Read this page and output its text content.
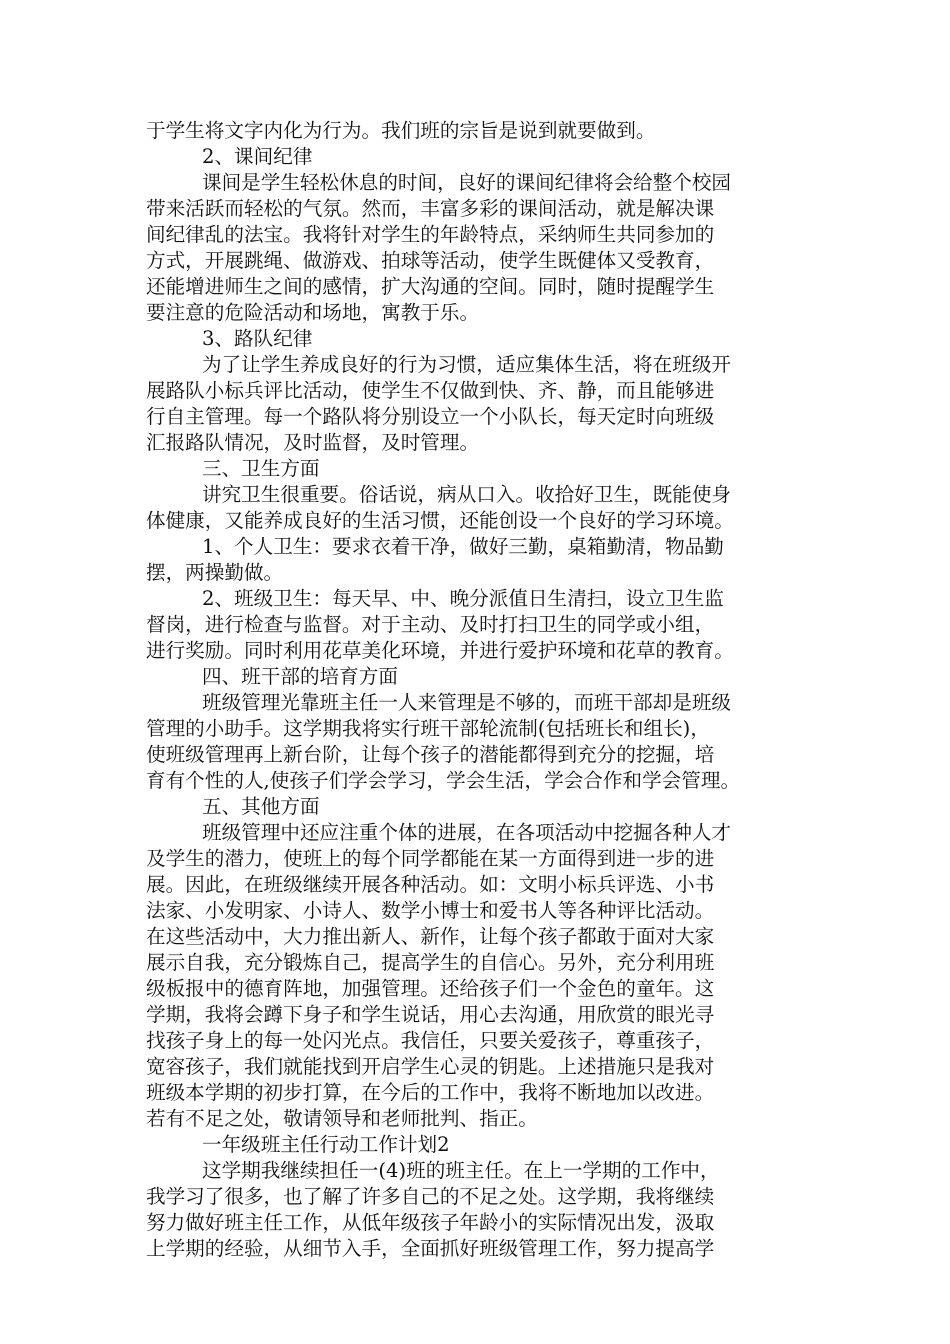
于学生将文字内化为行为。我们班的宗旨是说到就要做到。
2、课间纪律
课间是学生轻松休息的时间，良好的课间纪律将会给整个校园
带来活跃而轻松的气氛。然而，丰富多彩的课间活动，就是解决课
间纪律乱的法宝。我将针对学生的年龄特点，采纳师生共同参加的
方式，开展跳绳、做游戏、拍球等活动，使学生既健体又受教育，
还能增进师生之间的感情，扩大沟通的空间。同时，随时提醒学生
要注意的危险活动和场地，寓教于乐。
3、路队纪律
为了让学生养成良好的行为习惯，适应集体生活，将在班级开
展路队小标兵评比活动，使学生不仅做到快、齐、静，而且能够进
行自主管理。每一个路队将分别设立一个小队长，每天定时向班级
汇报路队情况，及时监督，及时管理。
三、卫生方面
讲究卫生很重要。俗话说，病从口入。收拾好卫生，既能使身
体健康，又能养成良好的生活习惯，还能创设一个良好的学习环境。
1、个人卫生：要求衣着干净，做好三勤，桌箱勤清，物品勤
摆，两操勤做。
2、班级卫生：每天早、中、晚分派值日生清扫，设立卫生监
督岗，进行检查与监督。对于主动、及时打扫卫生的同学或小组，
进行奖励。同时利用花草美化环境，并进行爱护环境和花草的教育。
四、班干部的培育方面
班级管理光靠班主任一人来管理是不够的，而班干部却是班级
管理的小助手。这学期我将实行班干部轮流制(包括班长和组长)，
使班级管理再上新台阶，让每个孩子的潜能都得到充分的挖掘，培
育有个性的人,使孩子们学会学习，学会生活，学会合作和学会管理。
五、其他方面
班级管理中还应注重个体的进展，在各项活动中挖掘各种人才
及学生的潜力，使班上的每个同学都能在某一方面得到进一步的进
展。因此，在班级继续开展各种活动。如：文明小标兵评选、小书
法家、小发明家、小诗人、数学小博士和爱书人等各种评比活动。
在这些活动中，大力推出新人、新作，让每个孩子都敢于面对大家
展示自我，充分锻炼自己，提高学生的自信心。另外，充分利用班
级板报中的德育阵地，加强管理。还给孩子们一个金色的童年。这
学期，我将会蹲下身子和学生说话，用心去沟通，用欣赏的眼光寻
找孩子身上的每一处闪光点。我信任，只要关爱孩子，尊重孩子，
宽容孩子，我们就能找到开启学生心灵的钥匙。上述措施只是我对
班级本学期的初步打算，在今后的工作中，我将不断地加以改进。
若有不足之处，敬请领导和老师批判、指正。
一年级班主任行动工作计划2
这学期我继续担任一(4)班的班主任。在上一学期的工作中，
我学习了很多，也了解了许多自己的不足之处。这学期，我将继续
努力做好班主任工作，从低年级孩子年龄小的实际情况出发，汲取
上学期的经验，从细节入手，全面抓好班级管理工作，努力提高学
